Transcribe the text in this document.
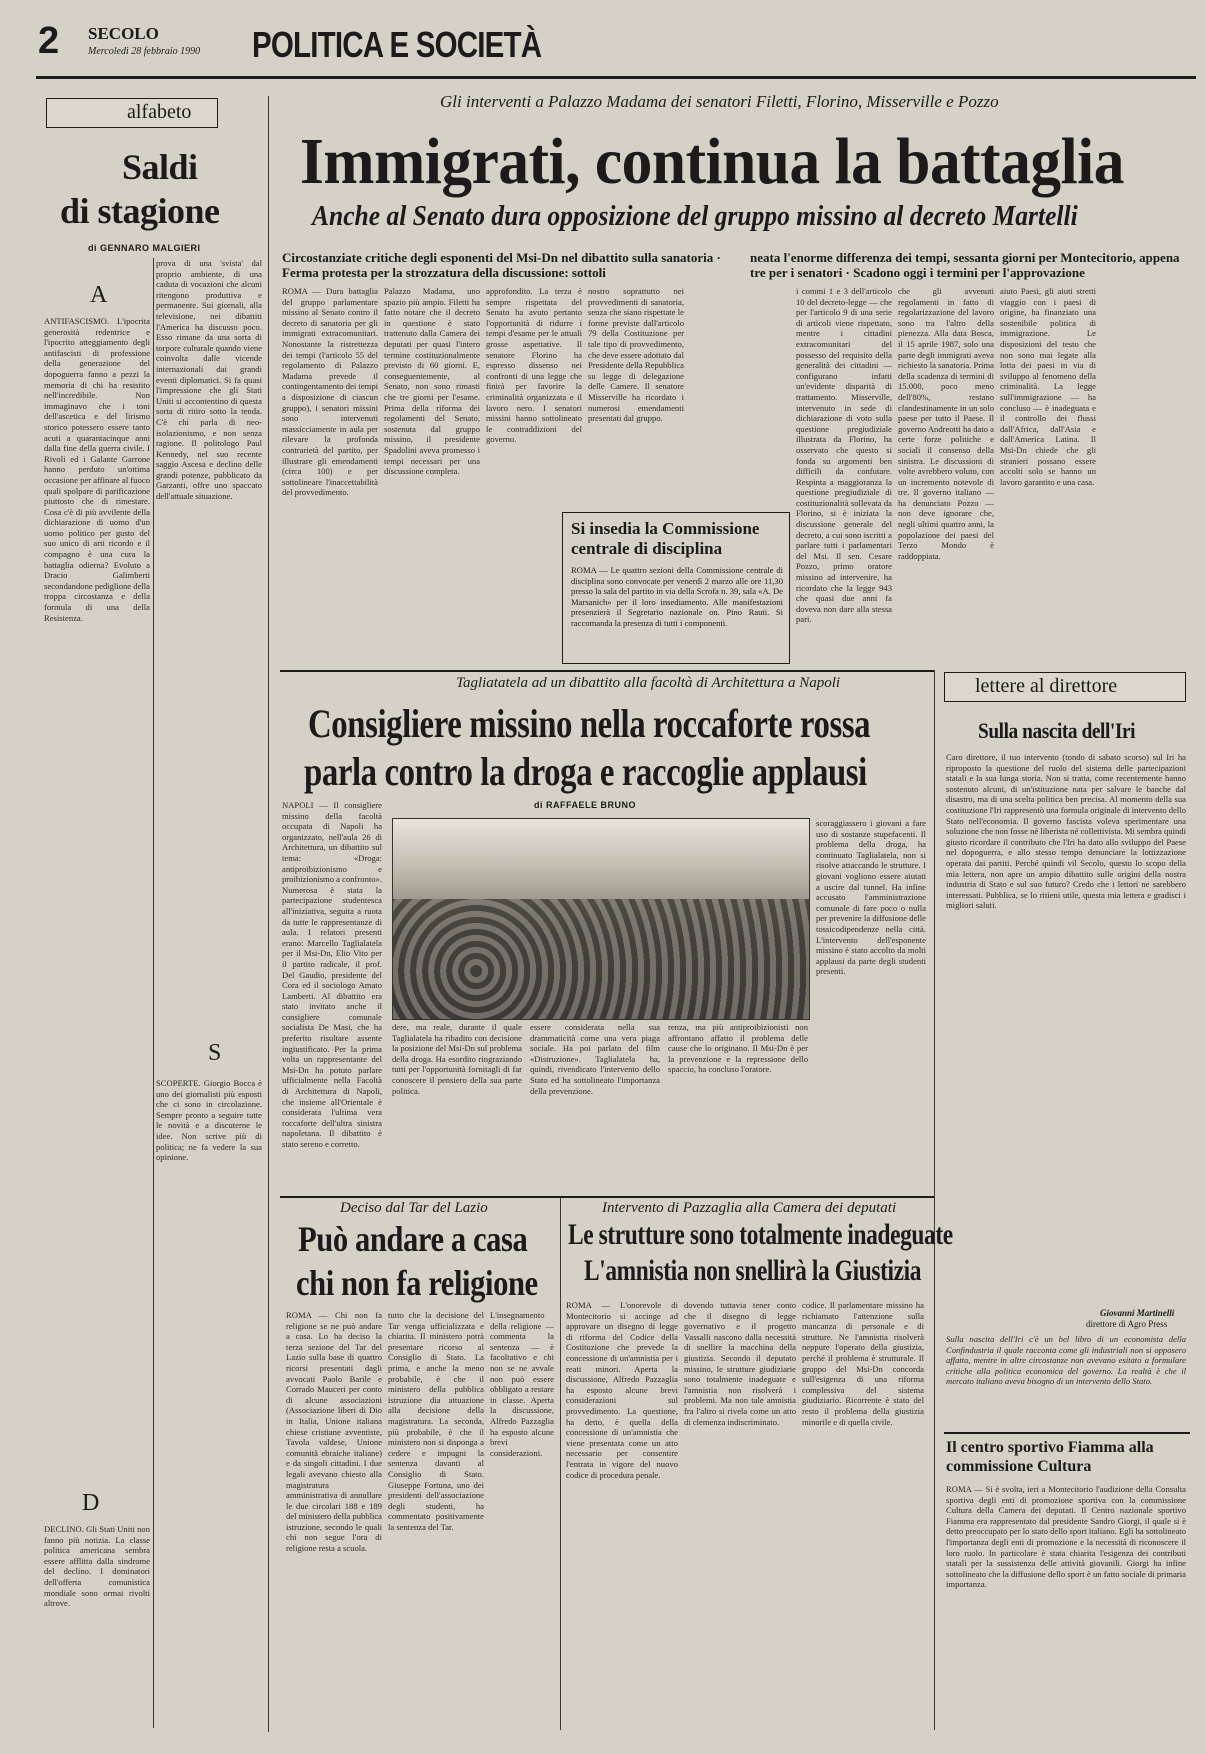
2 SECOLO
Mercoledì 28 febbraio 1990 POLITICA E SOCIETÀ
alfabeto
Saldi
di stagione
di GENNARO MALGIERI
A
ANTIFASCISMO. L'ipocrita generosità redentrice e l'ipocrito atteggiamento degli antifascisti di professione della generazione del dopoguerra fanno a pezzi la memoria di chi ha resistito nell'incredibile. Non immaginavo che i toni dell'ascetica e del lirismo storico potessero essere tanto acuti a quarantacinque anni dalla fine della guerra civile. I Rivoli ed i Galante Garrone hanno perduto un'ottima occasione per affinare al fuoco quali spolpare di parificazione piuttosto che di rimestare. Cosa c'è di più avvilente della dichiarazione di uomo d'un uomo politico per gusto del suo unico di arti ricordo e il compagno è una cura la battaglia odierna? Evoluto a Dracio Galimberti secondandone pediglione della troppa circostanza e della formula di una della Resistenza.
prova di una 'svista' dal proprio ambiente, di una caduta di vocazioni che alcuni ritengono produttiva e permanente. Sui giornali, alla televisione, nei dibattiti l'America ha discusso poco. Esso rimane da una sorta di torpore culturale quando viene coinvolta dalle vicende internazionali dai grandi eventi diplomatici. Si fa quasi l'impressione che gli Stati Uniti si accontentino di questa sorta di ritiro sotto la tenda. C'è chi parla di neo-isolazionismo, e non senza ragione. Il politologo Paul Kennedy, nel suo recente saggio Ascesa e declino delle grandi potenze, pubblicato da Garzanti, offre uno spaccato dell'attuale situazione.
S
SCOPERTE. Giorgio Bocca è uno dei giornalisti più esposti che ci sono in circolazione. Sempre pronto a seguire tutte le novità e a discuterne le idee. Non scrive più di politica; ne fa vedere la sua opinione.
D
DECLINO. Gli Stati Uniti non fanno più notizia. La classe politica americana sembra essere afflitta dalla sindrome del declino. I dominatori dell'offerta comunistica mondiale sono ormai rivolti altrove.
Gli interventi a Palazzo Madama dei senatori Filetti, Florino, Misserville e Pozzo
Immigrati, continua la battaglia
Anche al Senato dura opposizione del gruppo missino al decreto Martelli
Circostanziate critiche degli esponenti del Msi-Dn nel dibattito sulla sanatoria · Ferma protesta per la strozzatura della discussione: sottoli
neata l'enorme differenza dei tempi, sessanta giorni per Montecitorio, appena tre per i senatori · Scadono oggi i termini per l'approvazione
ROMA — Dura battaglia del gruppo parlamentare missino al Senato contro il decreto di sanatoria per gli immigrati extracomunitari. Nonostante la ristrettezza dei tempi (l'articolo 55 del regolamento di Palazzo Madama prevede il contingentamento dei tempi a disposizione di ciascun gruppo), i senatori missini sono intervenuti massicciamente in aula per rilevare la profonda contrarietà del partito, per illustrare gli emendamenti (circa 100) e per sottolineare l'inaccettabilità del provvedimento.
Palazzo Madama, uno spazio più ampio. Filetti ha fatto notare che il decreto in questione è stato trattenuto dalla Camera dei deputati per quasi l'intero termine costituzionalmente previsto di 60 giorni. E, conseguentemente, al Senato, non sono rimasti che tre giorni per l'esame. Prima della riforma dei regolamenti del Senato, sostenuta dal gruppo missino, il presidente Spadolini aveva promesso i tempi necessari per una discussione completa.
approfondito. La terza è sempre rispettata del Senato ha avuto pertanto l'opportunità di ridurre i tempi d'esame per le attuali grosse aspettative. Il senatore Florino ha espresso dissenso nei confronti di una legge che finirà per favorire la criminalità organizzata e il lavoro nero. I senatori missini hanno sottolineato le contraddizioni del governo.
nostro soprattutto nei provvedimenti di sanatoria, senza che siano rispettate le forme previste dall'articolo 79 della Costituzione per tale tipo di provvedimento, che deve essere adottato dal Presidente della Repubblica su legge di delegazione delle Camere. Il senatore Misserville ha ricordato i numerosi emendamenti presentati dal gruppo.
i commi 1 e 3 dell'articolo 10 del decreto-legge — che per l'articolo 9 di una serie di articoli viene rispettato, mentre i cittadini extracomunitari del possesso del requisito della generalità dei cittadini — configurano infatti un'evidente disparità di trattamento. Misserville, intervenuto in sede di dichiarazione di voto sulla questione pregiudiziale illustrata da Florino, ha osservato che questo si fonda su argomenti ben difficili da confutare. Respinta a maggioranza la questione pregiudiziale di costituzionalità sollevata da Florino, si è iniziata la discussione generale del decreto, a cui sono iscritti a parlare tutti i parlamentari del Msi. Il sen. Cesare Pozzo, primo oratore missino ad intervenire, ha ricordato che la legge 943 che quasi due anni fa doveva non dare alla stessa pari.
che gli avvenuti regolamenti in fatto di regolarizzazione del lavoro sono tra l'altro della pienezza. Alla data Bosca, il 15 aprile 1987, solo una parte degli immigrati aveva richiesto la sanatoria. Prima della scadenza di termini di 15.000, poco meno dell'80%, restano clandestinamente in un solo paese per tutto il Paese. Il governo Andreotti ha dato a certe forze politiche e sociali il consenso della sinistra. Le discussioni di volte avrebbero voluto, con un incremento notevole di tre. Il governo italiano — ha denunciato Pozzo — non deve ignorare che, negli ultimi quattro anni, la popolazione dei paesi del Terzo Mondo è raddoppiata.
aiuto Paesi, gli aiuti stretti viaggio con i paesi di origine, ha finanziato una sostenibile politica di immigrazione. Le disposizioni del testo che non sono mai legate alla lotta dei paesi in via di sviluppo al fenomeno della criminalità. La legge sull'immigrazione — ha concluso — è inadeguata e il controllo dei flussi dall'Africa, dall'Asia e dall'America Latina. Il Msi-Dn chiede che gli stranieri possano essere accolti solo se hanno un lavoro garantito e una casa.
Si insedia la Commissione centrale di disciplina
ROMA — Le quattro sezioni della Commissione centrale di disciplina sono convocate per venerdì 2 marzo alle ore 11,30 presso la sala del partito in via della Scrofa n. 39, sala «A. De Marsanich» per il loro insediamento. Alle manifestazioni presenzierà il Segretario nazionale on. Pino Rauti. Si raccomanda la presenza di tutti i componenti.
Tagliatatela ad un dibattito alla facoltà di Architettura a Napoli
Consigliere missino nella roccaforte rossa
parla contro la droga e raccoglie applausi
di RAFFAELE BRUNO
NAPOLI — Il consigliere missino della facoltà occupata di Napoli ha organizzato, nell'aula 26 di Architettura, un dibattito sul tema: «Droga: antiproibizionismo e proibizionismo a confronto». Numerosa è stata la partecipazione studentesca all'iniziativa, seguita a ruota da tutte le rappresentanze di aula. I relatori presenti erano: Marcello Taglialatela per il Msi-Dn, Elio Vito per il partito radicale, il prof. Del Gaudio, presidente del Cora ed il sociologo Amato Lamberti. Al dibattito era stato invitato anche il consigliere comunale socialista De Masi, che ha preferito risultare assente ingiustificato. Per la prima volta un rappresentante del Msi-Dn ha potuto parlare ufficialmente nella Facoltà di Architettura di Napoli, che insieme all'Orientale è considerata l'ultima vera roccaforte dell'ultra sinistra napoletana. Il dibattito è stato sereno e corretto.
scoraggiassero i giovani a fare uso di sostanze stupefacenti. Il problema della droga, ha continuato Taglialatela, non si risolve attaccando le strutture. I giovani vogliono essere aiutati a uscire dal tunnel. Ha infine accusato l'amministrazione comunale di fare poco o nulla per prevenire la diffusione delle tossicodipendenze nella città. L'intervento dell'esponente missino è stato accolto da molti applausi da parte degli studenti presenti.
dere, ma reale, durante il quale Taglialatela ha ribadito con decisione la posizione del Msi-Dn sul problema della droga. Ha esordito ringraziando tutti per l'opportunità fornitagli di far conoscere il pensiero della sua parte politica.
essere considerata nella sua drammaticità come una vera piaga sociale. Ha poi parlato del film «Distruzione». Taglialatela ha, quindi, rivendicato l'intervento dello Stato ed ha sottolineato l'importanza della prevenzione.
renza, ma più antiproibizionisti non affrontano affatto il problema delle cause che lo originano. Il Msi-Dn è per la prevenzione e la repressione dello spaccio, ha concluso l'oratore.
lettere al direttore
Sulla nascita dell'Iri
Caro direttore, il tuo intervento (tondo di sabato scorso) sul Iri ha riproposto la questione del ruolo del sistema delle partecipazioni statali e la sua lunga storia. Non si tratta, come recentemente hanno sostenuto alcuni, di un'istituzione nata per salvare le banche dal disastro, ma di una scelta politica ben precisa. Al momento della sua costituzione l'Iri rappresentò una formula originale di intervento dello Stato nell'economia. Il governo fascista voleva sperimentare una soluzione che non fosse né liberista né collettivista. Mi sembra quindi giusto ricordare il contributo che l'Iri ha dato allo sviluppo del Paese nel dopoguerra, e allo stesso tempo denunciare la lottizzazione operata dai partiti. Perché quindi vil Secolo, questo lo scopo della mia lettera, non apre un ampio dibattito sulle origini della nostra industria di Stato e sul suo futuro? Credo che i lettori ne sarebbero interessati. Pubblica, se lo ritieni utile, questa mia lettera e gradisci i migliori saluti.
Giovanni Martinelli
direttore di Agro Press
Sulla nascita dell'Iri c'è un bel libro di un economista della Confindustria il quale racconta come gli industriali non si opposero affatto, mentre in altre circostanze non avevano esitato a formulare critiche alla politica economica del governo. La realtà è che il mercato italiano aveva bisogno di un intervento dello Stato.
Il centro sportivo Fiamma alla commissione Cultura
ROMA — Si è svolta, ieri a Montecitorio l'audizione della Consulta sportiva degli enti di promozione sportiva con la commissione Cultura della Camera dei deputati. Il Centro nazionale sportivo Fiamma era rappresentato dal presidente Sandro Giorgi, il quale si è detto preoccupato per lo stato dello sport italiano. Egli ha sottolineato l'importanza degli enti di promozione e la necessità di riconoscere il loro ruolo. In particolare è stata chiarita l'esigenza dei contributi statali per la sussistenza delle attività giovanili. Giorgi ha infine sottolineato che la diffusione dello sport è un fatto sociale di primaria importanza.
Deciso dal Tar del Lazio
Può andare a casa
chi non fa religione
ROMA — Chi non fa religione se ne può andare a casa. Lo ha deciso la terza sezione del Tar del Lazio sulla base di quattro ricorsi presentati dagli avvocati Paolo Barile e Corrado Mauceri per conto di alcune associazioni (Associazione liberi di Dio in Italia, Unione italiana chiese cristiane avventiste, Tavola valdese, Unione comunità ebraiche italiane) e da singoli cittadini. I due legali avevano chiesto alla magistratura amministrativa di annullare le due circolari 188 e 189 del ministero della pubblica istruzione, secondo le quali chi non segue l'ora di religione resta a scuola.
tutto che la decisione del Tar venga ufficializzata e chiarita. Il ministero potrà presentare ricorso al Consiglio di Stato. La prima, e anche la meno probabile, è che il ministero della pubblica istruzione dia attuazione alla decisione della magistratura. La seconda, più probabile, è che il ministero non si disponga a cedere e impugni la sentenza davanti al Consiglio di Stato. Giuseppe Fortuna, uno dei presidenti dell'associazione degli studenti, ha commentato positivamente la sentenza del Tar.
L'insegnamento della religione — commenta la sentenza — è facoltativo e chi non se ne avvale non può essere obbligato a restare in classe. Aperta la discussione, Alfredo Pazzaglia ha esposto alcune brevi considerazioni.
Intervento di Pazzaglia alla Camera dei deputati
Le strutture sono totalmente inadeguate
L'amnistia non snellirà la Giustizia
ROMA — L'onorevole di Montecitorio si accinge ad approvare un disegno di legge di riforma del Codice della Costituzione che prevede la concessione di un'amnistia per i reati minori. Aperta la discussione, Alfredo Pazzaglia ha esposto alcune brevi considerazioni sul provvedimento. La questione, ha detto, è quella della concessione di un'amnistia che viene presentata come un atto necessario per consentire l'entrata in vigore del nuovo codice di procedura penale.
dovendo tuttavia tener conto che il disegno di legge governativo e il progetto Vassalli nascono dalla necessità di snellire la macchina della giustizia. Secondo il deputato missino, le strutture giudiziarie sono totalmente inadeguate e l'amnistia non risolverà i problemi. Ma non tale amnistia fra l'altro si rivela come un atto di clemenza indiscriminato.
codice. Il parlamentare missino ha richiamato l'attenzione sulla mancanza di personale e di strutture. Ne l'amnistia risolverà neppure l'operato della giustizia, perché il problema è strutturale. Il gruppo del Msi-Dn concorda sull'esigenza di una riforma complessiva del sistema giudiziario. Ricorrente è stato del resto il problema della giustizia minorile e di quella civile.
